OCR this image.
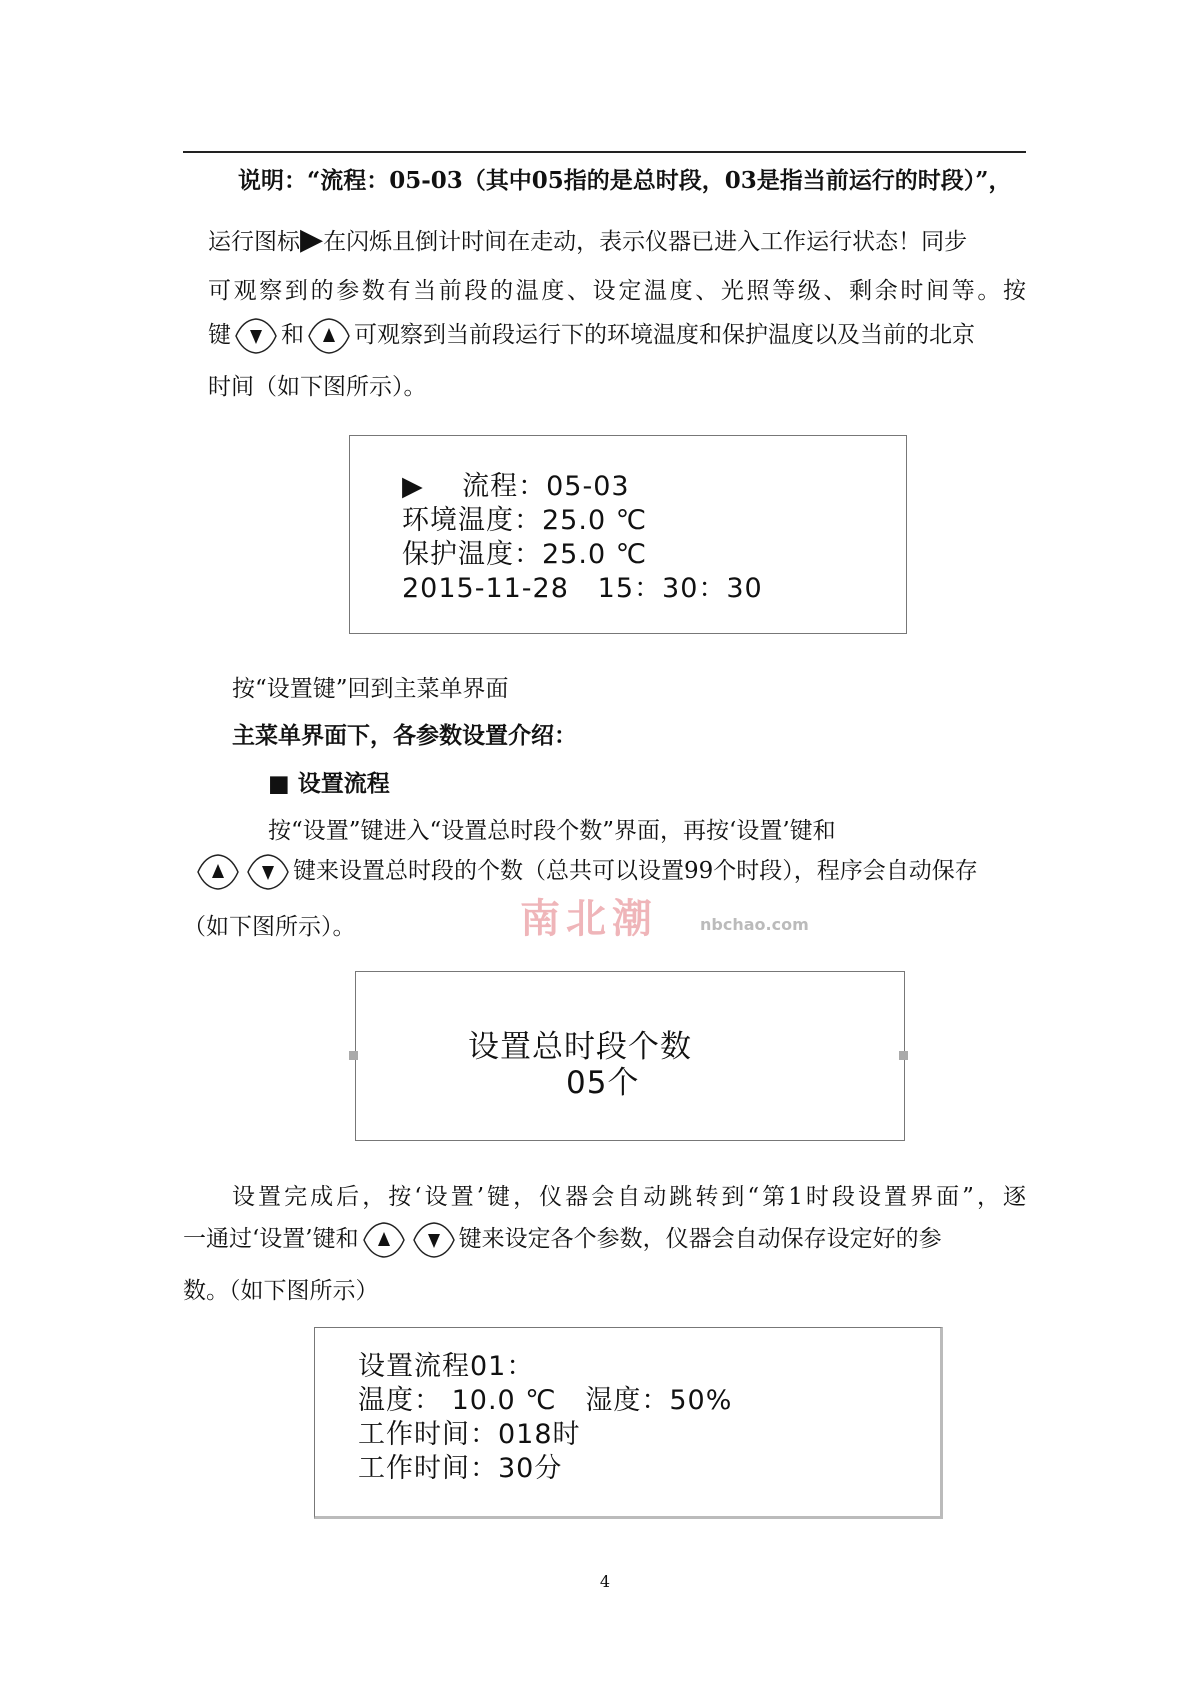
说明：“流程：05-03（其中05指的是总时段，03是指当前运行的时段）”，
运行图标▶在闪烁且倒计时间在走动，表示仪器已进入工作运行状态！同步
可观察到的参数有当前段的温度、设定温度、光照等级、剩余时间等。按
键 和 可观察到当前段运行下的环境温度和保护温度以及当前的北京
时间（如下图所示）。
▶    流程：05-03
环境温度：25.0 ℃
保护温度：25.0 ℃
2015-11-28   15：30：30
按“设置键”回到主菜单界面
主菜单界面下，各参数设置介绍：
■ 设置流程
按“设置”键进入“设置总时段个数”界面，再按‘设置’键和
键来设置总时段的个数（总共可以设置99个时段），程序会自动保存
（如下图所示）。	南北潮	nbchao.com
设置总时段个数
05个
设置完成后，按‘设置’键，仪器会自动跳转到“第1时段设置界面”，逐
一通过‘设置’键和	键来设定各个参数，仪器会自动保存设定好的参
数。（如下图所示）
设置流程01：
温度： 10.0 ℃   湿度：50%
工作时间：018时
工作时间：30分
4
